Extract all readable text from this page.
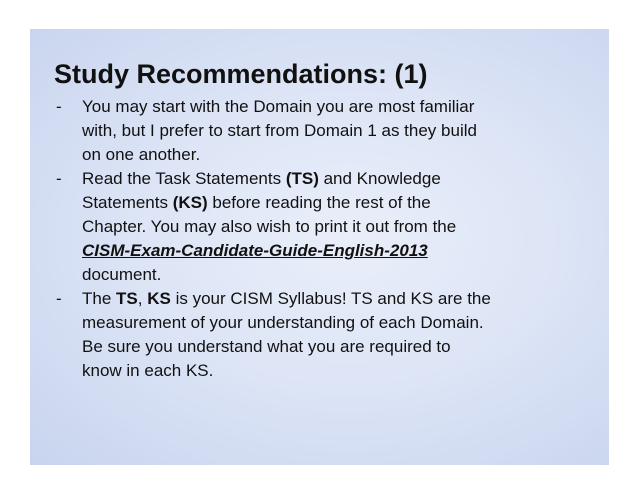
Study Recommendations: (1)
- You may start with the Domain you are most familiar
with, but I prefer to start from Domain 1 as they build
on one another.
- Read the Task Statements (TS) and Knowledge
Statements (KS) before reading the rest of the
Chapter. You may also wish to print it out from the
CISM-Exam-Candidate-Guide-English-2013
document.
- The TS, KS is your CISM Syllabus! TS and KS are the
measurement of your understanding of each Domain.
Be sure you understand what you are required to
know in each KS.
